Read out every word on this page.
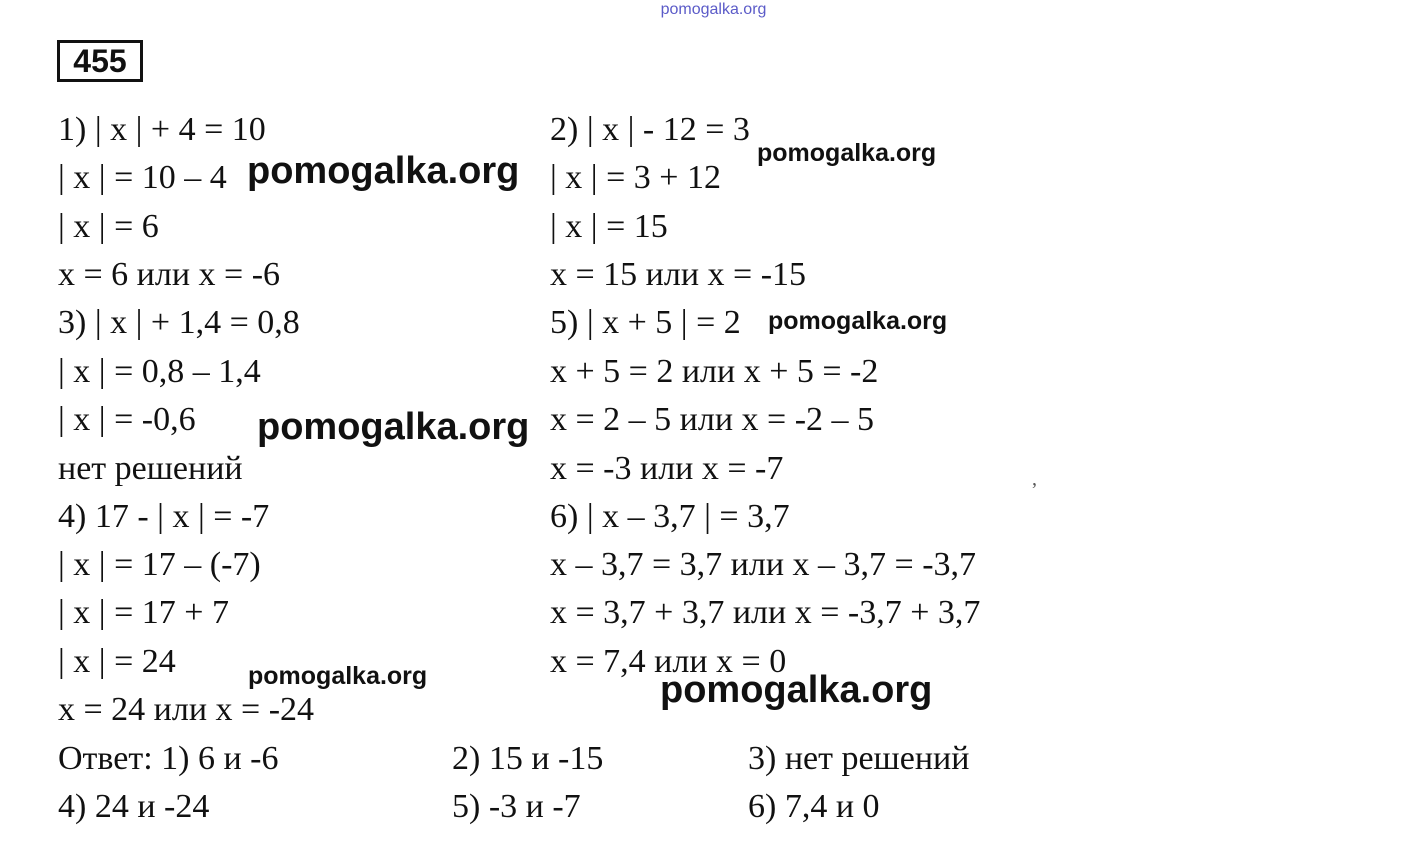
pomogalka.org
455
1) | x | + 4 = 10
| x | = 10 – 4
| x | = 6
x = 6 или x = -6
3) | x | + 1,4 = 0,8
| x | = 0,8 – 1,4
| x | = -0,6
нет решений
4) 17 - | x | = -7
| x | = 17 – (-7)
| x | = 17 + 7
| x | = 24
x = 24 или x = -24
2) | x | - 12 = 3
| x | = 3 + 12
| x | = 15
x = 15 или x = -15
5) | x + 5 | = 2
x + 5 = 2 или x + 5 = -2
x = 2 – 5 или x = -2 – 5
x = -3 или x = -7
6) | x – 3,7 | = 3,7
x – 3,7 = 3,7 или x – 3,7 = -3,7
x = 3,7 + 3,7 или x = -3,7 + 3,7
x = 7,4 или x = 0
Ответ: 1) 6 и -6	2) 15 и -15	3) нет решений
4) 24 и -24	5) -3 и -7	6) 7,4 и 0
pomogalka.org	pomogalka.org
pomogalka.org
pomogalka.org
pomogalka.org	pomogalka.org
,
